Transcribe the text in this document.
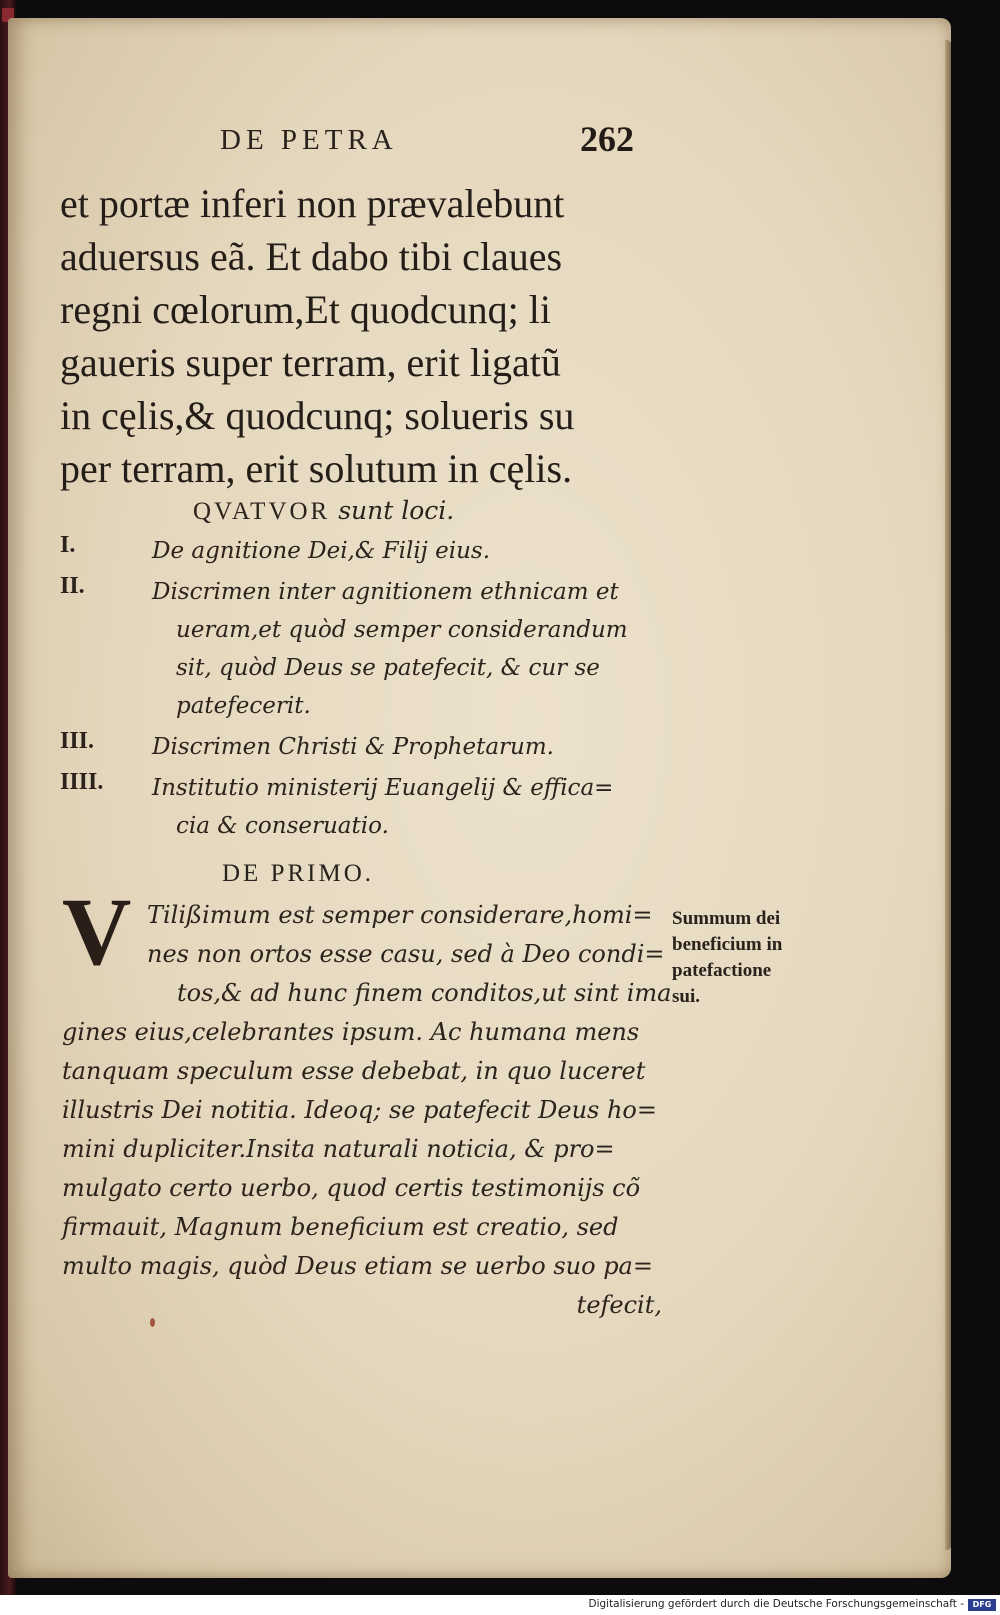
DE PETRA	262
et portæ inferi non prævalebunt
aduersus eã. Et dabo tibi claues
regni cœlorum,Et quodcunq; li
gaueris super terram, erit ligatũ
in cęlis,& quodcunq; solueris su
per terram, erit solutum in cęlis.
QVATVOR sunt loci.
I.	De agnitione Dei,& Filij eius.
II.	Discrimen inter agnitionem ethnicam et
ueram,et quòd semper considerandum
sit, quòd Deus se patefecit, & cur se
patefecerit.
III.	Discrimen Christi & Prophetarum.
IIII. Institutio ministerij Euangelij & effica=
cia & conseruatio.
DE PRIMO.
V Tilißimum est semper considerare,homi=
nes non ortos esse casu, sed à Deo condi=
tos,& ad hunc finem conditos,ut sint ima
gines eius,celebrantes ipsum. Ac humana mens
tanquam speculum esse debebat, in quo luceret
illustris Dei notitia. Ideoq; se patefecit Deus ho=
mini dupliciter.Insita naturali noticia, & pro=
mulgato certo uerbo, quod certis testimonijs cõ
firmauit, Magnum beneficium est creatio, sed
multo magis, quòd Deus etiam se uerbo suo pa=
tefecit,
Summum dei
beneficium in
patefactione
sui.
Digitalisierung gefördert durch die Deutsche Forschungsgemeinschaft -	DFG
